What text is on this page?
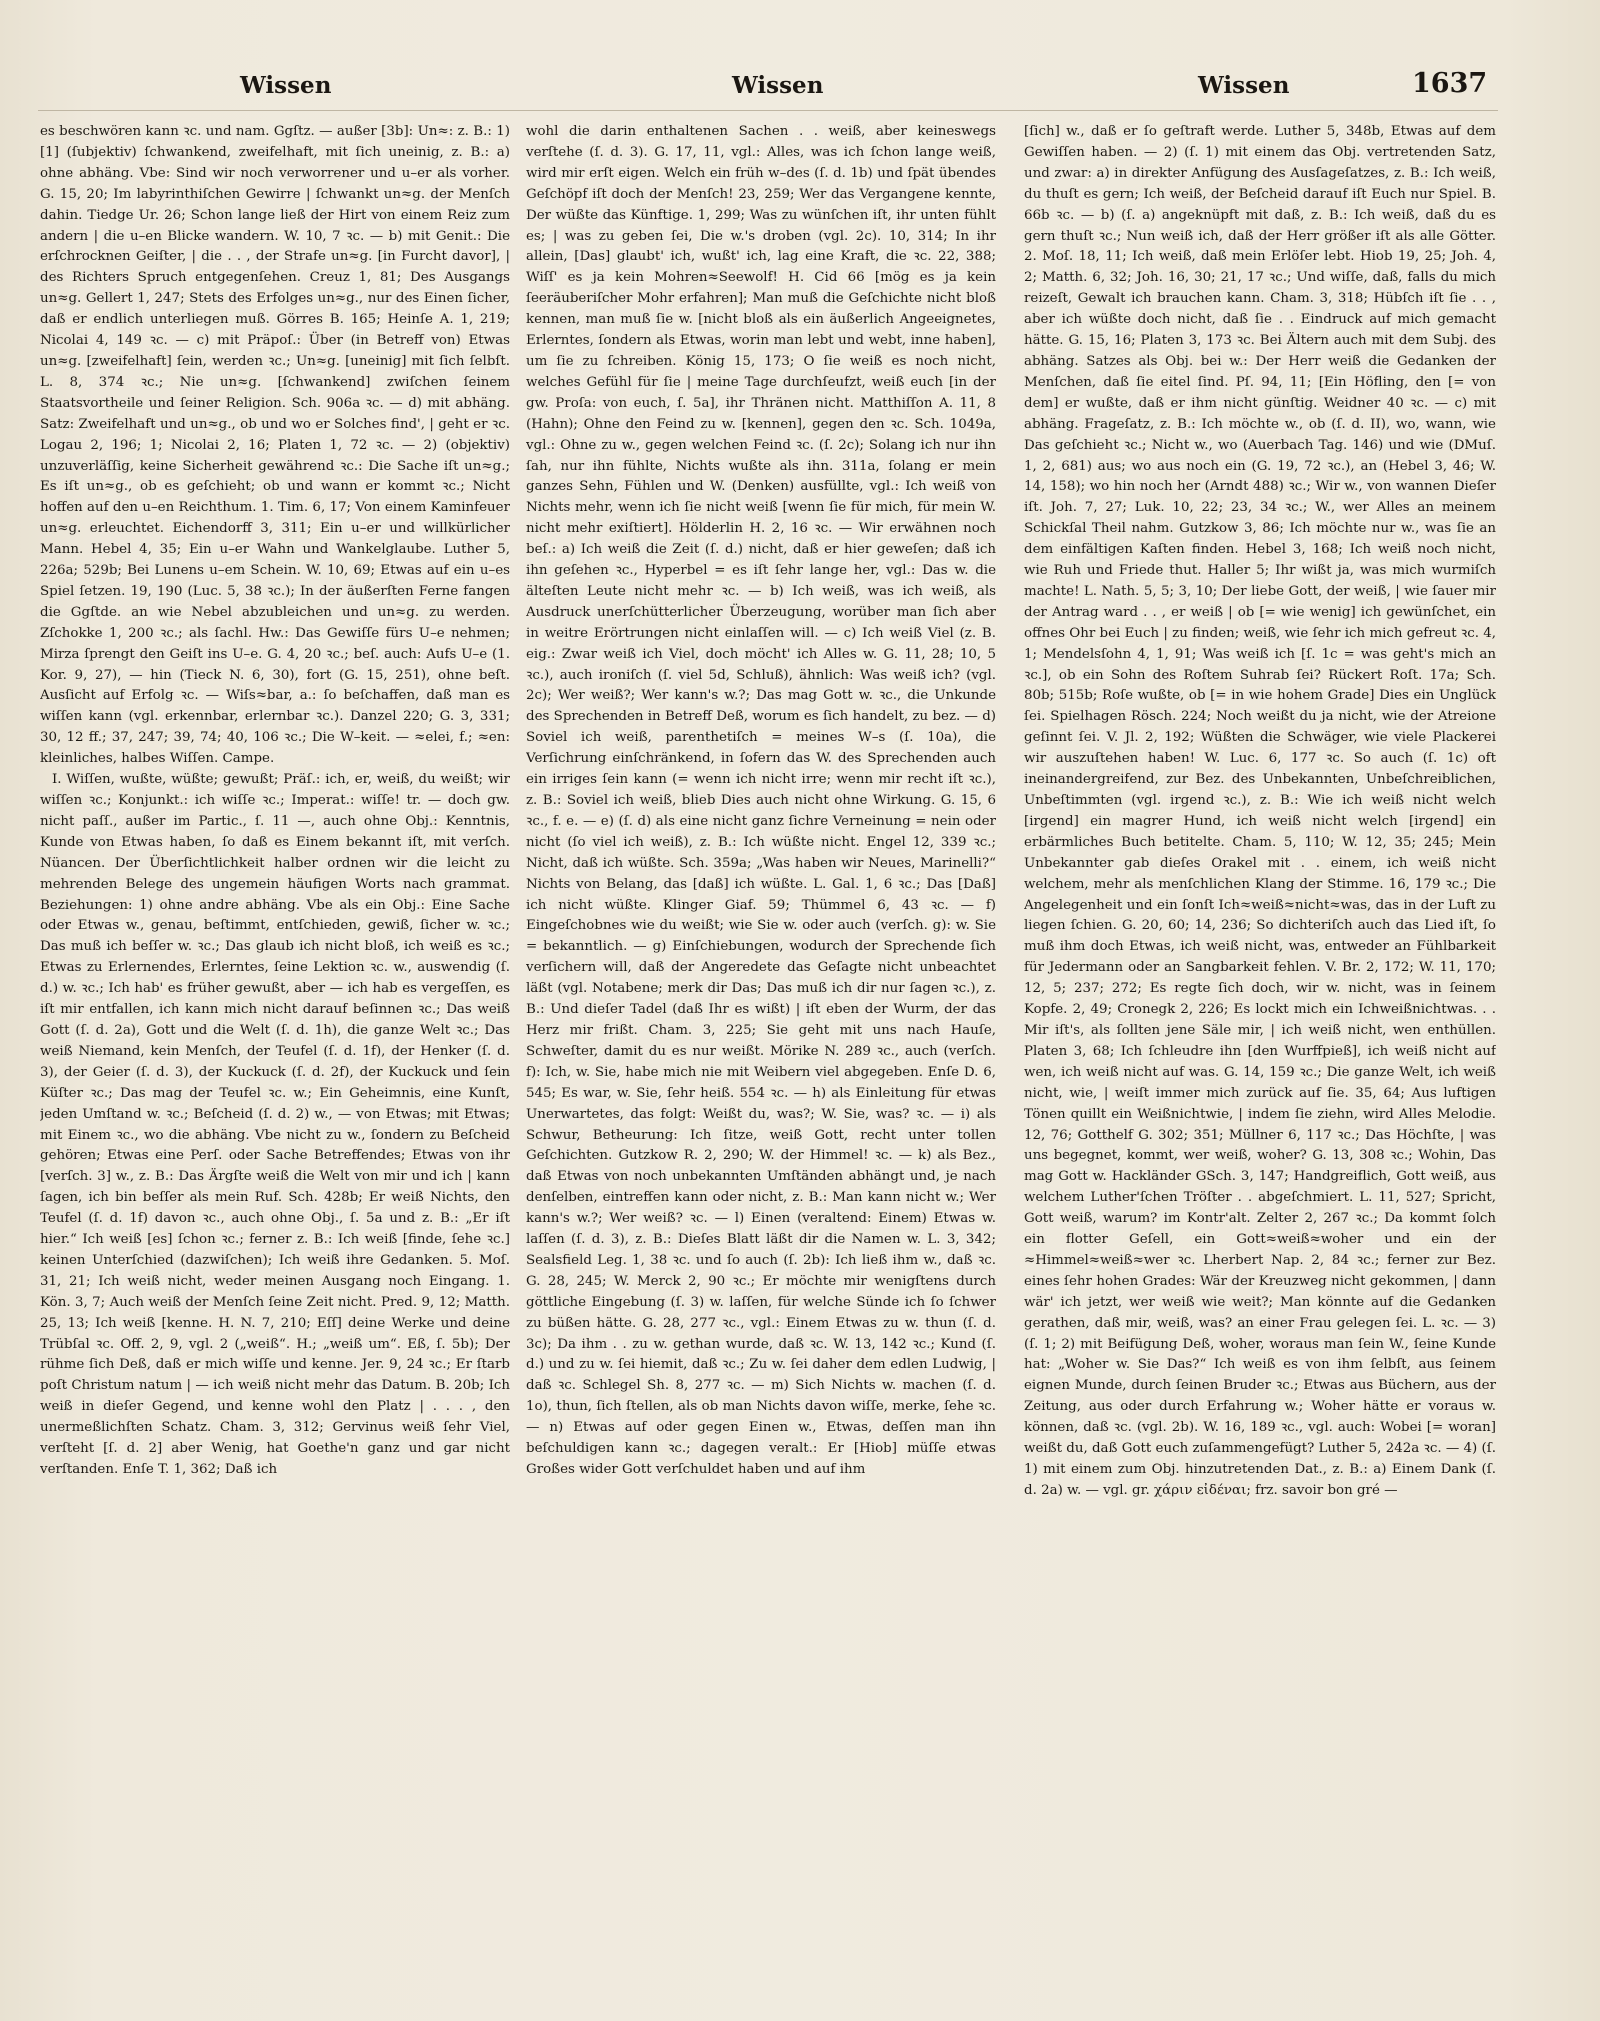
Wissen	Wissen	Wissen	1637

es beschwören kann ꝛc. und nam. Ggſtz. — außer [3b]: Un≈: z. B.: 1) [1] (ſubjektiv) ſchwankend, zweifelhaft, mit ſich uneinig, z. B.: a) ohne abhäng. Vbe: Sind wir noch verworrener und u–er als vorher. G. 15, 20; Im labyrinthiſchen Gewirre | ſchwankt un≈g. der Menſch dahin. Tiedge Ur. 26; Schon lange ließ der Hirt von einem Reiz zum andern | die u–en Blicke wandern. W. 10, 7 ꝛc. — b) mit Genit.: Die erſchrocknen Geiſter, | die . . , der Strafe un≈g. [in Furcht davor], | des Richters Spruch entgegenſehen. Creuz 1, 81; Des Ausgangs un≈g. Gellert 1, 247; Stets des Erfolges un≈g., nur des Einen ſicher, daß er endlich unterliegen muß. Görres B. 165; Heinſe A. 1, 219; Nicolai 4, 149 ꝛc. — c) mit Präpoſ.: Über (in Betreff von) Etwas un≈g. [zweifelhaft] ſein, werden ꝛc.; Un≈g. [uneinig] mit ſich ſelbſt. L. 8, 374 ꝛc.; Nie un≈g. [ſchwankend] zwiſchen ſeinem Staatsvortheile und ſeiner Religion. Sch. 906a ꝛc. — d) mit abhäng. Satz: Zweifelhaft und un≈g., ob und wo er Solches find', | geht er ꝛc. Logau 2, 196; 1; Nicolai 2, 16; Platen 1, 72 ꝛc. — 2) (objektiv) unzuverläſſig, keine Sicherheit gewährend ꝛc.: Die Sache iſt un≈g.; Es iſt un≈g., ob es geſchieht; ob und wann er kommt ꝛc.; Nicht hoffen auf den u–en Reichthum. 1. Tim. 6, 17; Von einem Kaminfeuer un≈g. erleuchtet. Eichendorff 3, 311; Ein u–er und willkürlicher Mann. Hebel 4, 35; Ein u–er Wahn und Wankelglaube. Luther 5, 226a; 529b; Bei Lunens u–em Schein. W. 10, 69; Etwas auf ein u–es Spiel ſetzen. 19, 190 (Luc. 5, 38 ꝛc.); In der äußerſten Ferne fangen die Ggſtde. an wie Nebel abzubleichen und un≈g. zu werden. Zſchokke 1, 200 ꝛc.; als ſachl. Hw.: Das Gewiſſe fürs U–e nehmen; Mirza ſprengt den Geiſt ins U–e. G. 4, 20 ꝛc.; beſ. auch: Aufs U–e (1. Kor. 9, 27), — hin (Tieck N. 6, 30), fort (G. 15, 251), ohne beſt. Ausſicht auf Erfolg ꝛc. — Wiſs≈bar, a.: ſo beſchaffen, daß man es wiſſen kann (vgl. erkennbar, erlernbar ꝛc.). Danzel 220; G. 3, 331; 30, 12 ff.; 37, 247; 39, 74; 40, 106 ꝛc.; Die W–keit. — ≈elei, f.; ≈en: kleinliches, halbes Wiſſen. Campe.

I. Wiſſen, wußte, wüßte; gewußt; Präſ.: ich, er, weiß, du weißt; wir wiſſen ꝛc.; Konjunkt.: ich wiſſe ꝛc.; Imperat.: wiſſe! tr. — doch gw. nicht paſſ., außer im Partic., ſ. 11 —, auch ohne Obj.: Kenntnis, Kunde von Etwas haben, ſo daß es Einem bekannt iſt, mit verſch. Nüancen. Der Überſichtlichkeit halber ordnen wir die leicht zu mehrenden Belege des ungemein häufigen Worts nach grammat. Beziehungen: 1) ohne andre abhäng. Vbe als ein Obj.: Eine Sache oder Etwas w., genau, beſtimmt, entſchieden, gewiß, ſicher w. ꝛc.; Das muß ich beſſer w. ꝛc.; Das glaub ich nicht bloß, ich weiß es ꝛc.; Etwas zu Erlernendes, Erlerntes, ſeine Lektion ꝛc. w., auswendig (ſ. d.) w. ꝛc.; Ich hab' es früher gewußt, aber — ich hab es vergeſſen, es iſt mir entfallen, ich kann mich nicht darauf beſinnen ꝛc.; Das weiß Gott (ſ. d. 2a), Gott und die Welt (ſ. d. 1h), die ganze Welt ꝛc.; Das weiß Niemand, kein Menſch, der Teufel (ſ. d. 1f), der Henker (ſ. d. 3), der Geier (ſ. d. 3), der Kuckuck (ſ. d. 2f), der Kuckuck und ſein Küſter ꝛc.; Das mag der Teufel ꝛc. w.; Ein Geheimnis, eine Kunſt, jeden Umſtand w. ꝛc.; Beſcheid (ſ. d. 2) w., — von Etwas; mit Etwas; mit Einem ꝛc., wo die abhäng. Vbe nicht zu w., ſondern zu Beſcheid gehören; Etwas eine Perſ. oder Sache Betreffendes; Etwas von ihr [verſch. 3] w., z. B.: Das Ärgſte weiß die Welt von mir und ich | kann ſagen, ich bin beſſer als mein Ruf. Sch. 428b; Er weiß Nichts, den Teufel (ſ. d. 1f) davon ꝛc., auch ohne Obj., ſ. 5a und z. B.: „Er iſt hier.“ Ich weiß [es] ſchon ꝛc.; ferner z. B.: Ich weiß [finde, ſehe ꝛc.] keinen Unterſchied (dazwiſchen); Ich weiß ihre Gedanken. 5. Moſ. 31, 21; Ich weiß nicht, weder meinen Ausgang noch Eingang. 1. Kön. 3, 7; Auch weiß der Menſch ſeine Zeit nicht. Pred. 9, 12; Matth. 25, 13; Ich weiß [kenne. H. N. 7, 210; Eſſ] deine Werke und deine Trübſal ꝛc. Off. 2, 9, vgl. 2 („weiß“. H.; „weiß um“. Eß, ſ. 5b); Der rühme ſich Deß, daß er mich wiſſe und kenne. Jer. 9, 24 ꝛc.; Er ſtarb poſt Christum natum | — ich weiß nicht mehr das Datum. B. 20b; Ich weiß in dieſer Gegend, und kenne wohl den Platz | . . . , den unermeßlichſten Schatz. Cham. 3, 312; Gervinus weiß ſehr Viel, verſteht [ſ. d. 2] aber Wenig, hat Goethe'n ganz und gar nicht verſtanden. Enſe T. 1, 362; Daß ich

wohl die darin enthaltenen Sachen . . weiß, aber keineswegs verſtehe (ſ. d. 3). G. 17, 11, vgl.: Alles, was ich ſchon lange weiß, wird mir erſt eigen. Welch ein früh w–des (ſ. d. 1b) und ſpät übendes Geſchöpf iſt doch der Menſch! 23, 259; Wer das Vergangene kennte, Der wüßte das Künftige. 1, 299; Was zu wünſchen iſt, ihr unten fühlt es; | was zu geben ſei, Die w.'s droben (vgl. 2c). 10, 314; In ihr allein, [Das] glaubt' ich, wußt' ich, lag eine Kraft, die ꝛc. 22, 388; Wiſſ' es ja kein Mohren≈Seewolf! H. Cid 66 [mög es ja kein ſeeräuberiſcher Mohr erfahren]; Man muß die Geſchichte nicht bloß kennen, man muß ſie w. [nicht bloß als ein äußerlich Angeeignetes, Erlerntes, ſondern als Etwas, worin man lebt und webt, inne haben], um ſie zu ſchreiben. König 15, 173; O ſie weiß es noch nicht, welches Gefühl für ſie | meine Tage durchſeufzt, weiß euch [in der gw. Proſa: von euch, ſ. 5a], ihr Thränen nicht. Matthiſſon A. 11, 8 (Hahn); Ohne den Feind zu w. [kennen], gegen den ꝛc. Sch. 1049a, vgl.: Ohne zu w., gegen welchen Feind ꝛc. (ſ. 2c); Solang ich nur ihn ſah, nur ihn fühlte, Nichts wußte als ihn. 311a, ſolang er mein ganzes Sehn, Fühlen und W. (Denken) ausfüllte, vgl.: Ich weiß von Nichts mehr, wenn ich ſie nicht weiß [wenn ſie für mich, für mein W. nicht mehr exiſtiert]. Hölderlin H. 2, 16 ꝛc. — Wir erwähnen noch beſ.: a) Ich weiß die Zeit (ſ. d.) nicht, daß er hier geweſen; daß ich ihn geſehen ꝛc., Hyperbel = es iſt ſehr lange her, vgl.: Das w. die älteſten Leute nicht mehr ꝛc. — b) Ich weiß, was ich weiß, als Ausdruck unerſchütterlicher Überzeugung, worüber man ſich aber in weitre Erörtrungen nicht einlaſſen will. — c) Ich weiß Viel (z. B. eig.: Zwar weiß ich Viel, doch möcht' ich Alles w. G. 11, 28; 10, 5 ꝛc.), auch ironiſch (ſ. viel 5d, Schluß), ähnlich: Was weiß ich? (vgl. 2c); Wer weiß?; Wer kann's w.?; Das mag Gott w. ꝛc., die Unkunde des Sprechenden in Betreff Deß, worum es ſich handelt, zu bez. — d) Soviel ich weiß, parenthetiſch = meines W–s (ſ. 10a), die Verſichrung einſchränkend, in ſofern das W. des Sprechenden auch ein irriges ſein kann (= wenn ich nicht irre; wenn mir recht iſt ꝛc.), z. B.: Soviel ich weiß, blieb Dies auch nicht ohne Wirkung. G. 15, 6 ꝛc., f. e. — e) (ſ. d) als eine nicht ganz ſichre Verneinung = nein oder nicht (ſo viel ich weiß), z. B.: Ich wüßte nicht. Engel 12, 339 ꝛc.; Nicht, daß ich wüßte. Sch. 359a; „Was haben wir Neues, Marinelli?“ Nichts von Belang, das [daß] ich wüßte. L. Gal. 1, 6 ꝛc.; Das [Daß] ich nicht wüßte. Klinger Giaf. 59; Thümmel 6, 43 ꝛc. — f) Eingeſchobnes wie du weißt; wie Sie w. oder auch (verſch. g): w. Sie = bekanntlich. — g) Einſchiebungen, wodurch der Sprechende ſich verſichern will, daß der Angeredete das Geſagte nicht unbeachtet läßt (vgl. Notabene; merk dir Das; Das muß ich dir nur ſagen ꝛc.), z. B.: Und dieſer Tadel (daß Ihr es wißt) | iſt eben der Wurm, der das Herz mir frißt. Cham. 3, 225; Sie geht mit uns nach Hauſe, Schweſter, damit du es nur weißt. Mörike N. 289 ꝛc., auch (verſch. f): Ich, w. Sie, habe mich nie mit Weibern viel abgegeben. Enſe D. 6, 545; Es war, w. Sie, ſehr heiß. 554 ꝛc. — h) als Einleitung für etwas Unerwartetes, das folgt: Weißt du, was?; W. Sie, was? ꝛc. — i) als Schwur, Betheurung: Ich ſitze, weiß Gott, recht unter tollen Geſchichten. Gutzkow R. 2, 290; W. der Himmel! ꝛc. — k) als Bez., daß Etwas von noch unbekannten Umſtänden abhängt und, je nach denſelben, eintreffen kann oder nicht, z. B.: Man kann nicht w.; Wer kann's w.?; Wer weiß? ꝛc. — l) Einen (veraltend: Einem) Etwas w. laſſen (ſ. d. 3), z. B.: Dieſes Blatt läßt dir die Namen w. L. 3, 342; Sealsfield Leg. 1, 38 ꝛc. und ſo auch (ſ. 2b): Ich ließ ihm w., daß ꝛc. G. 28, 245; W. Merck 2, 90 ꝛc.; Er möchte mir wenigſtens durch göttliche Eingebung (ſ. 3) w. laſſen, für welche Sünde ich ſo ſchwer zu büßen hätte. G. 28, 277 ꝛc., vgl.: Einem Etwas zu w. thun (ſ. d. 3c); Da ihm . . zu w. gethan wurde, daß ꝛc. W. 13, 142 ꝛc.; Kund (ſ. d.) und zu w. ſei hiemit, daß ꝛc.; Zu w. ſei daher dem edlen Ludwig, | daß ꝛc. Schlegel Sh. 8, 277 ꝛc. — m) Sich Nichts w. machen (ſ. d. 1o), thun, ſich ſtellen, als ob man Nichts davon wiſſe, merke, ſehe ꝛc. — n) Etwas auf oder gegen Einen w., Etwas, deſſen man ihn beſchuldigen kann ꝛc.; dagegen veralt.: Er [Hiob] müſſe etwas Großes wider Gott verſchuldet haben und auf ihm

[ſich] w., daß er ſo geſtraft werde. Luther 5, 348b, Etwas auf dem Gewiſſen haben. — 2) (ſ. 1) mit einem das Obj. vertretenden Satz, und zwar: a) in direkter Anfügung des Ausſageſatzes, z. B.: Ich weiß, du thuſt es gern; Ich weiß, der Beſcheid darauf iſt Euch nur Spiel. B. 66b ꝛc. — b) (ſ. a) angeknüpft mit daß, z. B.: Ich weiß, daß du es gern thuſt ꝛc.; Nun weiß ich, daß der Herr größer iſt als alle Götter. 2. Moſ. 18, 11; Ich weiß, daß mein Erlöſer lebt. Hiob 19, 25; Joh. 4, 2; Matth. 6, 32; Joh. 16, 30; 21, 17 ꝛc.; Und wiſſe, daß, falls du mich reizeſt, Gewalt ich brauchen kann. Cham. 3, 318; Hübſch iſt ſie . . , aber ich wüßte doch nicht, daß ſie . . Eindruck auf mich gemacht hätte. G. 15, 16; Platen 3, 173 ꝛc. Bei Ältern auch mit dem Subj. des abhäng. Satzes als Obj. bei w.: Der Herr weiß die Gedanken der Menſchen, daß ſie eitel ſind. Pſ. 94, 11; [Ein Höfling, den [= von dem] er wußte, daß er ihm nicht günſtig. Weidner 40 ꝛc. — c) mit abhäng. Frageſatz, z. B.: Ich möchte w., ob (ſ. d. II), wo, wann, wie Das geſchieht ꝛc.; Nicht w., wo (Auerbach Tag. 146) und wie (DMuſ. 1, 2, 681) aus; wo aus noch ein (G. 19, 72 ꝛc.), an (Hebel 3, 46; W. 14, 158); wo hin noch her (Arndt 488) ꝛc.; Wir w., von wannen Dieſer iſt. Joh. 7, 27; Luk. 10, 22; 23, 34 ꝛc.; W., wer Alles an meinem Schickſal Theil nahm. Gutzkow 3, 86; Ich möchte nur w., was ſie an dem einfältigen Kaſten finden. Hebel 3, 168; Ich weiß noch nicht, wie Ruh und Friede thut. Haller 5; Ihr wißt ja, was mich wurmiſch machte! L. Nath. 5, 5; 3, 10; Der liebe Gott, der weiß, | wie ſauer mir der Antrag ward . . , er weiß | ob [= wie wenig] ich gewünſchet, ein offnes Ohr bei Euch | zu finden; weiß, wie ſehr ich mich gefreut ꝛc. 4, 1; Mendelsſohn 4, 1, 91; Was weiß ich [ſ. 1c = was geht's mich an ꝛc.], ob ein Sohn des Roſtem Suhrab ſei? Rückert Roſt. 17a; Sch. 80b; 515b; Roſe wußte, ob [= in wie hohem Grade] Dies ein Unglück ſei. Spielhagen Rösch. 224; Noch weißt du ja nicht, wie der Atreione geſinnt ſei. V. Jl. 2, 192; Wüßten die Schwäger, wie viele Plackerei wir auszuſtehen haben! W. Luc. 6, 177 ꝛc. So auch (ſ. 1c) oft ineinandergreifend, zur Bez. des Unbekannten, Unbeſchreiblichen, Unbeſtimmten (vgl. irgend ꝛc.), z. B.: Wie ich weiß nicht welch [irgend] ein magrer Hund, ich weiß nicht welch [irgend] ein erbärmliches Buch betitelte. Cham. 5, 110; W. 12, 35; 245; Mein Unbekannter gab dieſes Orakel mit . . einem, ich weiß nicht welchem, mehr als menſchlichen Klang der Stimme. 16, 179 ꝛc.; Die Angelegenheit und ein ſonſt Ich≈weiß≈nicht≈was, das in der Luft zu liegen ſchien. G. 20, 60; 14, 236; So dichteriſch auch das Lied iſt, ſo muß ihm doch Etwas, ich weiß nicht, was, entweder an Fühlbarkeit für Jedermann oder an Sangbarkeit fehlen. V. Br. 2, 172; W. 11, 170; 12, 5; 237; 272; Es regte ſich doch, wir w. nicht, was in ſeinem Kopfe. 2, 49; Cronegk 2, 226; Es lockt mich ein Ichweißnichtwas. . . Mir iſt's, als ſollten jene Säle mir, | ich weiß nicht, wen enthüllen. Platen 3, 68; Ich ſchleudre ihn [den Wurffpieß], ich weiß nicht auf wen, ich weiß nicht auf was. G. 14, 159 ꝛc.; Die ganze Welt, ich weiß nicht, wie, | weiſt immer mich zurück auf ſie. 35, 64; Aus luftigen Tönen quillt ein Weißnichtwie, | indem ſie ziehn, wird Alles Melodie. 12, 76; Gotthelf G. 302; 351; Müllner 6, 117 ꝛc.; Das Höchſte, | was uns begegnet, kommt, wer weiß, woher? G. 13, 308 ꝛc.; Wohin, Das mag Gott w. Hackländer GSch. 3, 147; Handgreiflich, Gott weiß, aus welchem Luther'ſchen Tröſter . . abgeſchmiert. L. 11, 527; Spricht, Gott weiß, warum? im Kontr'alt. Zelter 2, 267 ꝛc.; Da kommt ſolch ein flotter Geſell, ein Gott≈weiß≈woher und ein der ≈Himmel≈weiß≈wer ꝛc. Lherbert Nap. 2, 84 ꝛc.; ferner zur Bez. eines ſehr hohen Grades: Wär der Kreuzweg nicht gekommen, | dann wär' ich jetzt, wer weiß wie weit?; Man könnte auf die Gedanken gerathen, daß mir, weiß, was? an einer Frau gelegen ſei. L. ꝛc. — 3) (ſ. 1; 2) mit Beifügung Deß, woher, woraus man ſein W., ſeine Kunde hat: „Woher w. Sie Das?“ Ich weiß es von ihm ſelbſt, aus ſeinem eignen Munde, durch ſeinen Bruder ꝛc.; Etwas aus Büchern, aus der Zeitung, aus oder durch Erfahrung w.; Woher hätte er voraus w. können, daß ꝛc. (vgl. 2b). W. 16, 189 ꝛc., vgl. auch: Wobei [= woran] weißt du, daß Gott euch zuſammengefügt? Luther 5, 242a ꝛc. — 4) (ſ. 1) mit einem zum Obj. hinzutretenden Dat., z. B.: a) Einem Dank (ſ. d. 2a) w. — vgl. gr. χάριν εἰδέναι; frz. savoir bon gré —
